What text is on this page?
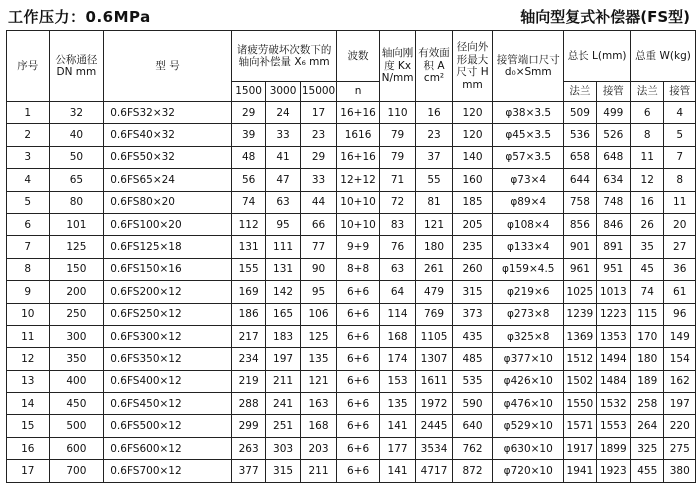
工作压力：0.6MPa	轴向型复式补偿器(FS型)
序号	公称通径DN mm	型 号	诸疲劳破坏次数下的轴向补偿量 X₆ mm			波数	轴向刚度 Kx N/mm	有效面积 A cm²	径向外形最大尺寸 H mm	接管端口尺寸 d₀×Smm	总长 L(mm)		总重 W(kg)	
			1500	3000	15000	n					法兰	接管	法兰	接管
1	32	0.6FS32×32	29	24	17	16+16	110	16	120	φ38×3.5	509	499	6	4
2	40	0.6FS40×32	39	33	23	1616	79	23	120	φ45×3.5	536	526	8	5
3	50	0.6FS50×32	48	41	29	16+16	79	37	140	φ57×3.5	658	648	11	7
4	65	0.6FS65×24	56	47	33	12+12	71	55	160	φ73×4	644	634	12	8
5	80	0.6FS80×20	74	63	44	10+10	72	81	185	φ89×4	758	748	16	11
6	101	0.6FS100×20	112	95	66	10+10	83	121	205	φ108×4	856	846	26	20
7	125	0.6FS125×18	131	111	77	9+9	76	180	235	φ133×4	901	891	35	27
8	150	0.6FS150×16	155	131	90	8+8	63	261	260	φ159×4.5	961	951	45	36
9	200	0.6FS200×12	169	142	95	6+6	64	479	315	φ219×6	1025	1013	74	61
10	250	0.6FS250×12	186	165	106	6+6	114	769	373	φ273×8	1239	1223	115	96
11	300	0.6FS300×12	217	183	125	6+6	168	1105	435	φ325×8	1369	1353	170	149
12	350	0.6FS350×12	234	197	135	6+6	174	1307	485	φ377×10	1512	1494	180	154
13	400	0.6FS400×12	219	211	121	6+6	153	1611	535	φ426×10	1502	1484	189	162
14	450	0.6FS450×12	288	241	163	6+6	135	1972	590	φ476×10	1550	1532	258	197
15	500	0.6FS500×12	299	251	168	6+6	141	2445	640	φ529×10	1571	1553	264	220
16	600	0.6FS600×12	263	303	203	6+6	177	3534	762	φ630×10	1917	1899	325	275
17	700	0.6FS700×12	377	315	211	6+6	141	4717	872	φ720×10	1941	1923	455	380
